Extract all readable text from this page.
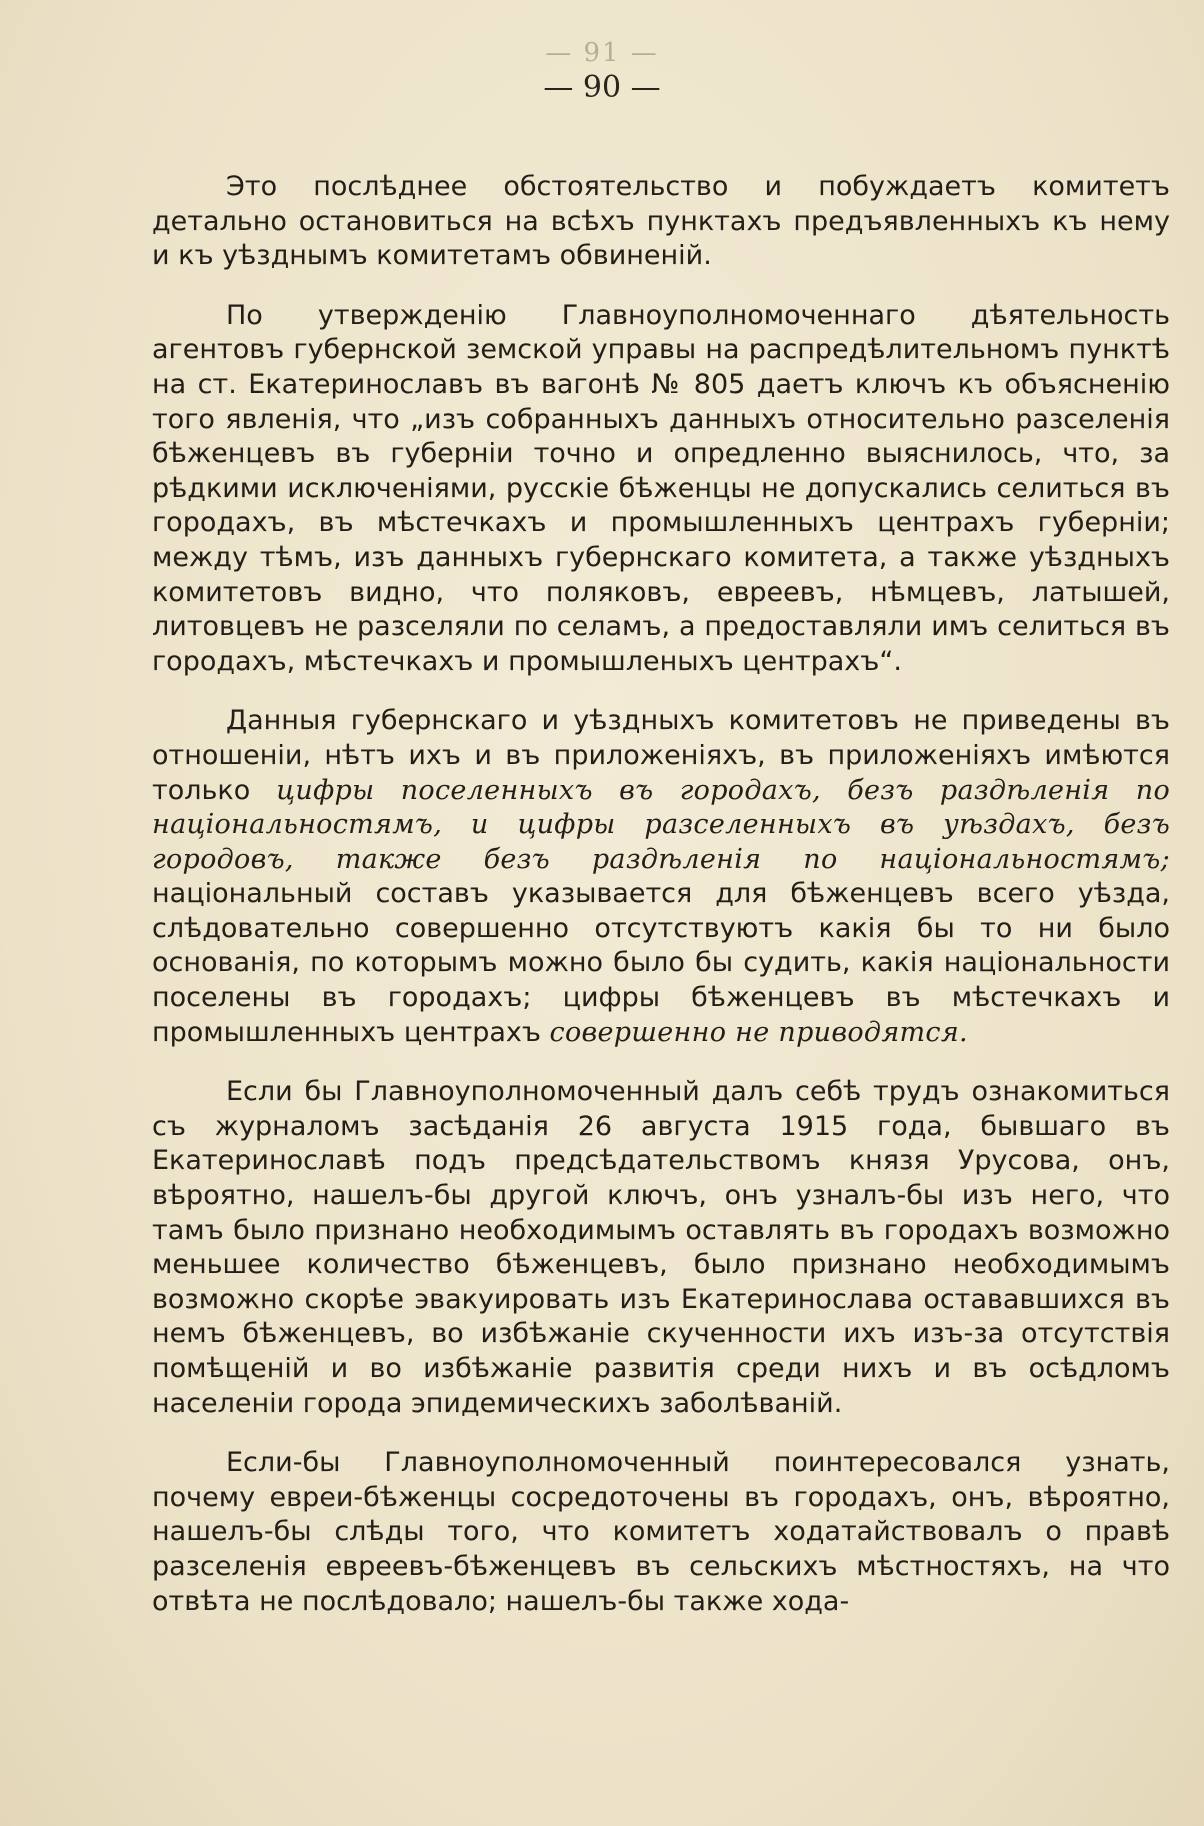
— 91 —
— 90 —

Это послѣднее обстоятельство и побуждаетъ комитетъ детально остановиться на всѣхъ пунктахъ предъявленныхъ къ нему и къ уѣзднымъ комитетамъ обвиненій.

По утвержденію Главноуполномоченнаго дѣятельность агентовъ губернской земской управы на распредѣлительномъ пунктѣ на ст. Екатеринославъ въ вагонѣ № 805 даетъ ключъ къ объясненію того явленія, что „изъ собранныхъ данныхъ относительно разселенія бѣженцевъ въ губерніи точно и опредленно выяснилось, что, за рѣдкими исключеніями, русскіе бѣженцы не допускались селиться въ городахъ, въ мѣстечкахъ и промышленныхъ центрахъ губерніи; между тѣмъ, изъ данныхъ губернскаго комитета, а также уѣздныхъ комитетовъ видно, что поляковъ, евреевъ, нѣмцевъ, латышей, литовцевъ не разселяли по селамъ, а предоставляли имъ селиться въ городахъ, мѣстечкахъ и промышленыхъ центрахъ“.

Данныя губернскаго и уѣздныхъ комитетовъ не приведены въ отношеніи, нѣтъ ихъ и въ приложеніяхъ, въ приложеніяхъ имѣются только цифры поселенныхъ въ городахъ, безъ раздѣленія по національностямъ, и цифры разселенныхъ въ уѣздахъ, безъ городовъ, также безъ раздѣленія по національностямъ; національный составъ указывается для бѣженцевъ всего уѣзда, слѣдовательно совершенно отсутствуютъ какія бы то ни было основанія, по которымъ можно было бы судить, какія національности поселены въ городахъ; цифры бѣженцевъ въ мѣстечкахъ и промышленныхъ центрахъ совершенно не приводятся.

Если бы Главноуполномоченный далъ себѣ трудъ ознакомиться съ журналомъ засѣданія 26 августа 1915 года, бывшаго въ Екатеринославѣ подъ предсѣдательствомъ князя Урусова, онъ, вѣроятно, нашелъ-бы другой ключъ, онъ узналъ-бы изъ него, что тамъ было признано необходимымъ оставлять въ городахъ возможно меньшее количество бѣженцевъ, было признано необходимымъ возможно скорѣе эвакуировать изъ Екатеринослава остававшихся въ немъ бѣженцевъ, во избѣжаніе скученности ихъ изъ-за отсутствія помѣщеній и во избѣжаніе развитія среди нихъ и въ осѣдломъ населеніи города эпидемическихъ заболѣваній.

Если-бы Главноуполномоченный поинтересовался узнать, почему евреи-бѣженцы сосредоточены въ городахъ, онъ, вѣроятно, нашелъ-бы слѣды того, что комитетъ ходатайствовалъ о правѣ разселенія евреевъ-бѣженцевъ въ сельскихъ мѣстностяхъ, на что отвѣта не послѣдовало; нашелъ-бы также хода-
